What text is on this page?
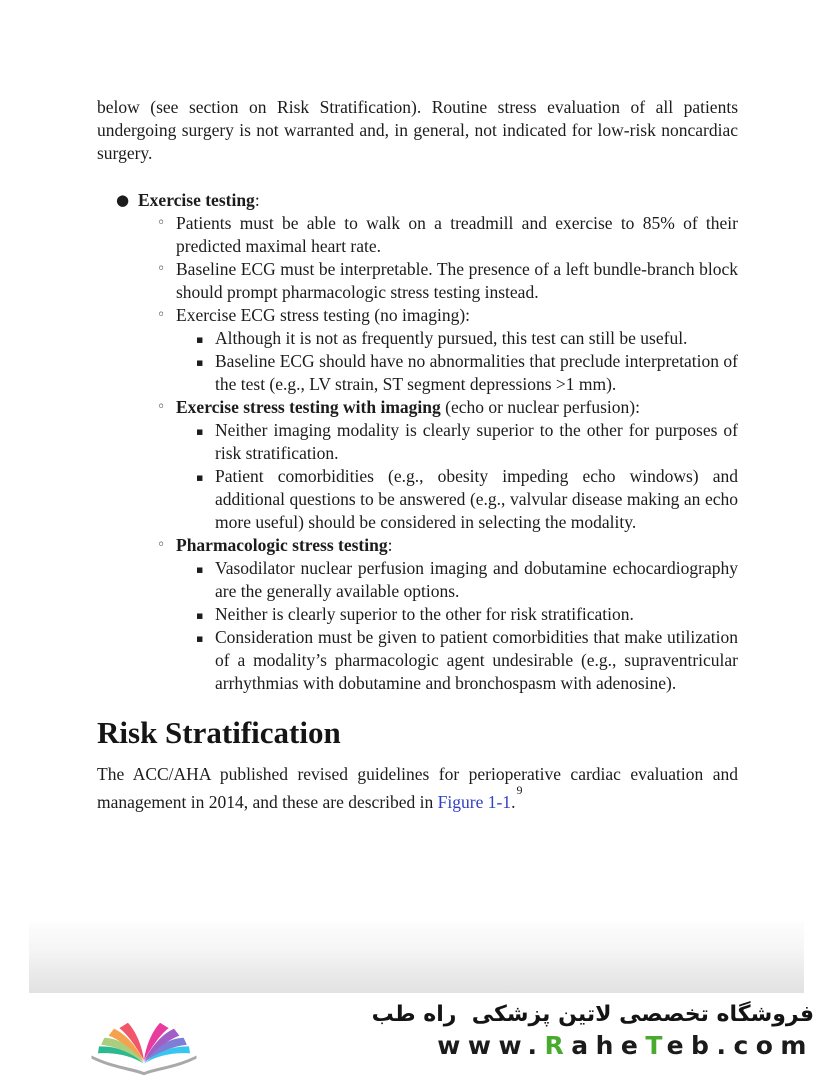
below (see section on Risk Stratification). Routine stress evaluation of all patients undergoing surgery is not warranted and, in general, not indicated for low-risk noncardiac surgery.

● Exercise testing:
◦ Patients must be able to walk on a treadmill and exercise to 85% of their predicted maximal heart rate.
◦ Baseline ECG must be interpretable. The presence of a left bundle-branch block should prompt pharmacologic stress testing instead.
◦ Exercise ECG stress testing (no imaging):
▪ Although it is not as frequently pursued, this test can still be useful.
▪ Baseline ECG should have no abnormalities that preclude interpretation of the test (e.g., LV strain, ST segment depressions >1 mm).
◦ Exercise stress testing with imaging (echo or nuclear perfusion):
▪ Neither imaging modality is clearly superior to the other for purposes of risk stratification.
▪ Patient comorbidities (e.g., obesity impeding echo windows) and additional questions to be answered (e.g., valvular disease making an echo more useful) should be considered in selecting the modality.
◦ Pharmacologic stress testing:
▪ Vasodilator nuclear perfusion imaging and dobutamine echocardiography are the generally available options.
▪ Neither is clearly superior to the other for risk stratification.
▪ Consideration must be given to patient comorbidities that make utilization of a modality’s pharmacologic agent undesirable (e.g., supraventricular arrhythmias with dobutamine and bronchospasm with adenosine).
Risk Stratification

The ACC/AHA published revised guidelines for perioperative cardiac evaluation and management in 2014, and these are described in Figure 1-1.$^9$

فروشگاه تخصصی لاتین پزشکی  راه طب
www.RaheTeb.com
